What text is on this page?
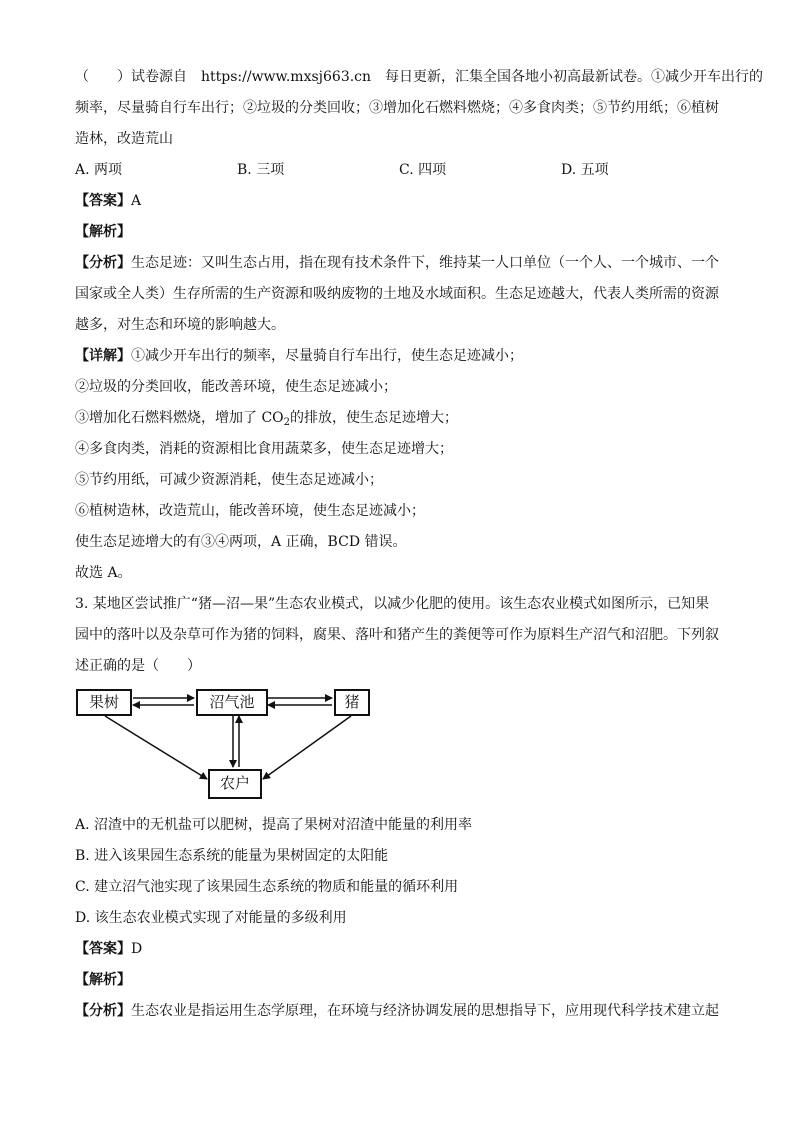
（　　）试卷源自　https://www.mxsj663.cn　每日更新，汇集全国各地小初高最新试卷。①减少开车出行的
频率，尽量骑自行车出行；②垃圾的分类回收；③增加化石燃料燃烧；④多食肉类；⑤节约用纸；⑥植树
造林，改造荒山
A. 两项	B. 三项	C. 四项	D. 五项
【答案】A
【解析】
【分析】生态足迹：又叫生态占用，指在现有技术条件下，维持某一人口单位（一个人、一个城市、一个
国家或全人类）生存所需的生产资源和吸纳废物的土地及水域面积。生态足迹越大，代表人类所需的资源
越多，对生态和环境的影响越大。
【详解】①减少开车出行的频率，尽量骑自行车出行，使生态足迹减小；
②垃圾的分类回收，能改善环境，使生态足迹减小；
③增加化石燃料燃烧，增加了 $CO_2$的排放，使生态足迹增大；
④多食肉类，消耗的资源相比食用蔬菜多，使生态足迹增大；
⑤节约用纸，可减少资源消耗，使生态足迹减小；
⑥植树造林，改造荒山，能改善环境，使生态足迹减小；
使生态足迹增大的有③④两项，A 正确，BCD 错误。
故选 A。
3. 某地区尝试推广“猪—沼—果”生态农业模式，以减少化肥的使用。该生态农业模式如图所示，已知果
园中的落叶以及杂草可作为猪的饲料，腐果、落叶和猪产生的粪便等可作为原料生产沼气和沼肥。下列叙
述正确的是（　　）
果树	沼气池	猪
农户
A. 沼渣中的无机盐可以肥树，提高了果树对沼渣中能量的利用率
B. 进入该果园生态系统的能量为果树固定的太阳能
C. 建立沼气池实现了该果园生态系统的物质和能量的循环利用
D. 该生态农业模式实现了对能量的多级利用
【答案】D
【解析】
【分析】生态农业是指运用生态学原理，在环境与经济协调发展的思想指导下，应用现代科学技术建立起
